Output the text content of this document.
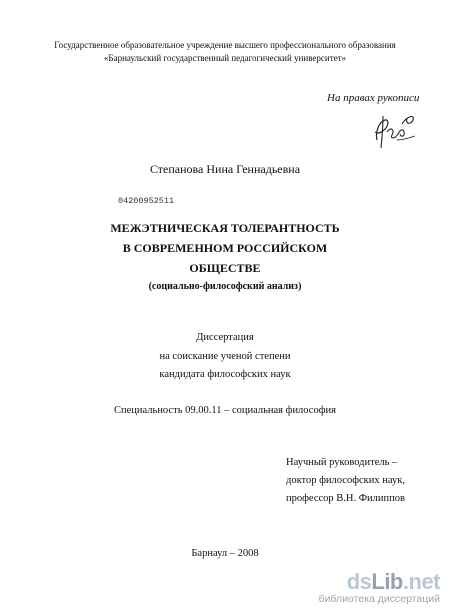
Государственное образовательное учреждение высшего профессионального образования
«Барнаульский государственный педагогический университет»
На правах рукописи
Степанова Нина Геннадьевна
04200952511
МЕЖЭТНИЧЕСКАЯ ТОЛЕРАНТНОСТЬ
В СОВРЕМЕННОМ РОССИЙСКОМ
ОБЩЕСТВЕ
(социально-философский анализ)
Диссертация
на соискание ученой степени
кандидата философских наук
Специальность 09.00.11 – социальная философия
Научный руководитель –
доктор философских наук,
профессор В.Н. Филиппов
Барнаул – 2008
dsLib.net
библиотека диссертаций
